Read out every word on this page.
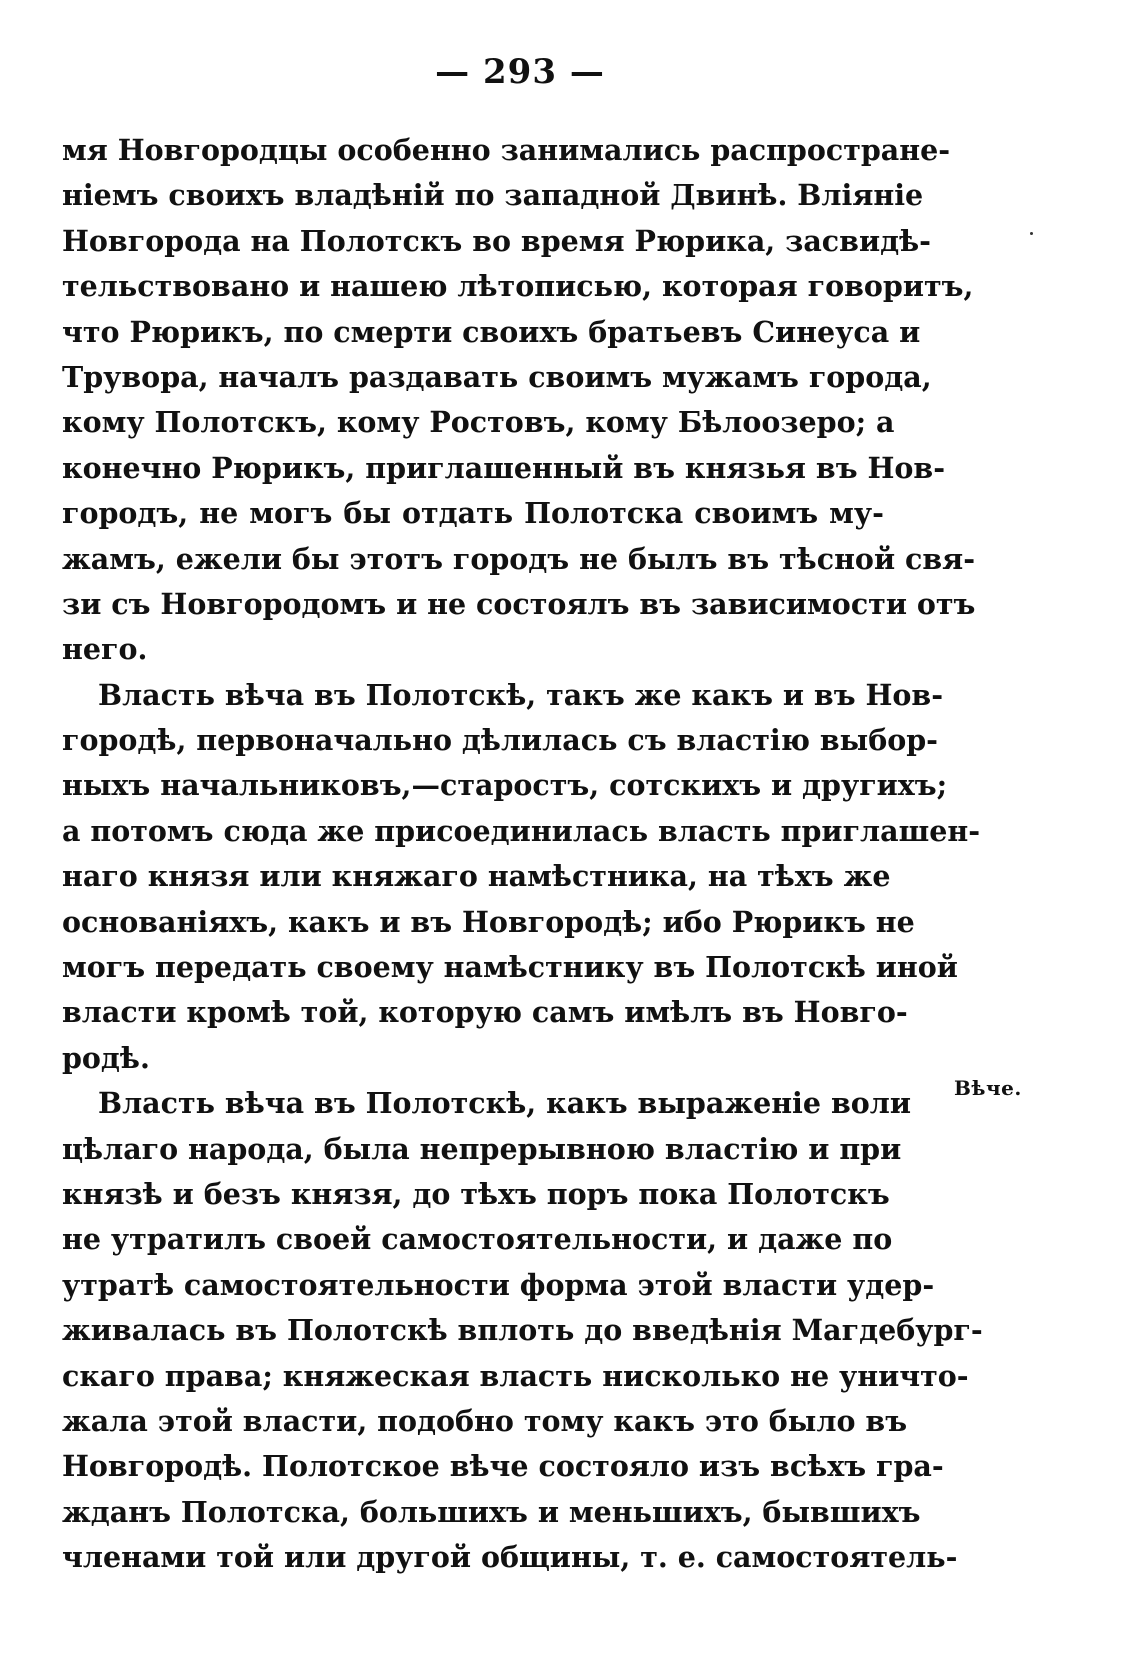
— 293 —
мя Новгородцы особенно занимались распростране-
ніемъ своихъ владѣній по западной Двинѣ. Вліяніе
Новгорода на Полотскъ во время Рюрика, засвидѣ-
тельствовано и нашею лѣтописью, которая говоритъ,
что Рюрикъ, по смерти своихъ братьевъ Синеуса и
Трувора, началъ раздавать своимъ мужамъ города,
кому Полотскъ, кому Ростовъ, кому Бѣлоозеро; а
конечно Рюрикъ, приглашенный въ князья въ Нов-
городъ, не могъ бы отдать Полотска своимъ му-
жамъ, ежели бы этотъ городъ не былъ въ тѣсной свя-
зи съ Новгородомъ и не состоялъ въ зависимости отъ
него.
Власть вѣча въ Полотскѣ, такъ же какъ и въ Нов-
городѣ, первоначально дѣлилась съ властію выбор-
ныхъ начальниковъ,—старостъ, сотскихъ и другихъ;
а потомъ сюда же присоединилась власть приглашен-
наго князя или княжаго намѣстника, на тѣхъ же
основаніяхъ, какъ и въ Новгородѣ; ибо Рюрикъ не
могъ передать своему намѣстнику въ Полотскѣ иной
власти кромѣ той, которую самъ имѣлъ въ Новго-
родѣ.
Власть вѣча въ Полотскѣ, какъ выраженіе воли
цѣлаго народа, была непрерывною властію и при
князѣ и безъ князя, до тѣхъ поръ пока Полотскъ
не утратилъ своей самостоятельности, и даже по
утратѣ самостоятельности форма этой власти удер-
живалась въ Полотскѣ вплоть до введѣнія Магдебург-
скаго права; княжеская власть нисколько не уничто-
жала этой власти, подобно тому какъ это было въ
Новгородѣ. Полотское вѣче состояло изъ всѣхъ гра-
жданъ Полотска, большихъ и меньшихъ, бывшихъ
членами той или другой общины, т. е. самостоятель-
Вѣче.
